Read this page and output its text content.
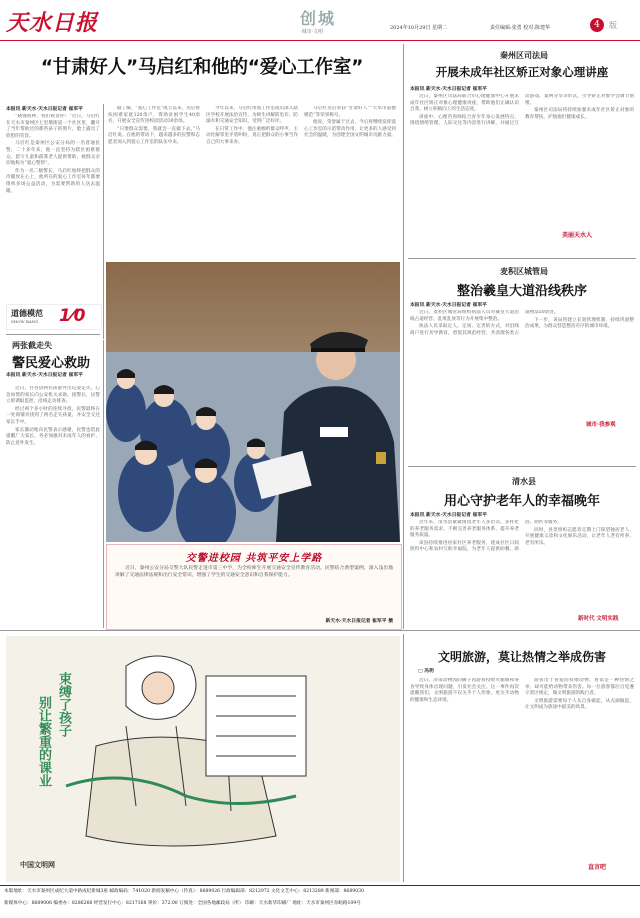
天水日报	2024年10月29日 星期二	责任编辑:张勇 校对:陈建华
创城
·城市·文明
4	版
“甘肃好人”马启红和他的“爱心工作室”
本报讯 新天水·天水日报记者 崔军平

“晓强很棒，我们祝贺你！”近日，马启红在天水市秦州区七里墩街道一个社区里，翻开了当年帮助过的那些孩子的照片，脸上露出了欣慰的笑容。

马启红是秦州区公安分局的一名普通民警，二十多年来，他一直坚持为辖区困难群众、留守儿童和孤寡老人提供帮助，被群众亲切地称为“爱心警察”。

作为一名二级警长，马启红始终把群众的冷暖放在心上，他所在的爱心工作室每年都要组织多场公益活动，为需要帮助的人送去温暖。

据了解，“爱心工作室”成立以来，先后帮扶困难家庭120余户，资助贫困学生40余名，开展安全宣传进校园活动30余场。

“只要群众需要，我就会一直做下去。”马启红说。在他的带动下，越来越多的民警和志愿者加入到爱心工作室的队伍中来。

今年以来，马启红带领工作室成员深入辖区学校开展法治宣传，为师生讲解防电诈、防溺水和交通安全知识，受到广泛好评。

在日常工作中，他注重倾听群众呼声，主动化解邻里矛盾纠纷，真正把群众的小事当作自己的大事来办。

马启红先后荣获“甘肃好人”“天水市道德模范”等荣誉称号。

他说，荣誉属于过去，今后将继续发挥爱心工作室的示范带动作用，让更多的人感受到社会的温暖，为创建全国文明城市贡献力量。

道德模范
SHOW BANG 1⁄0
两张截走失
警民爱心救助
本报讯 新天水·天水日报记者 崔军平

近日，甘谷县两名孩童外出玩耍走失，心急如焚的家长向公安机关求助。接警后，民警立即调取监控，沿线走访排查。

经过两个多小时的连续寻找，民警最终在一处商铺旁找到了两名走失孩童，并安全交还家长手中。

家长激动地向民警表示感谢，民警也借此提醒广大家长，务必加强对未成年人的看护，防止意外发生。

交警进校园 共筑平安上学路
近日，秦州公安分局交警大队民警走进市第三中学，为全校师生开展交通安全宣传教育活动。民警结合典型案例，深入浅出地讲解了交通法律法规和出行安全常识，增强了学生的交通安全意识和自我保护能力。
新天水·天水日报记者 崔军平 摄
秦州区司法局
开展未成年社区矫正对象心理讲座
本报讯 新天水·天水日报记者 崔军平

近日，秦州区司法局联合市心理健康中心开展未成年社区矫正对象心理健康讲座，帮助他们正确认识自我，树立积极向上的生活态度。

讲座中，心理咨询师结合青少年身心发展特点，围绕情绪管理、人际交往等内容进行讲解，并通过互动游戏、案例分享等形式，引导矫正对象学会调节情绪。

秦州区司法局将持续加强未成年社区矫正对象的教育帮扶，护航他们健康成长。

美丽天水人
麦积区城管局
整治羲皇大道沿线秩序
本报讯 新天水·天水日报记者 崔军平

近日，麦积区城管局组织执法人员对羲皇大道沿线占道经营、乱堆乱放等行为开展集中整治。

执法人员采取定人、定岗、定责的方式，对沿线商户进行劝导教育，督促其规范经营，共清理各类占道物品50余处。

下一步，该局将建立长效管理机制，持续巩固整治成果，为群众营造整洁有序的城市环境。

城市·我参观
清水县
用心守护老年人的幸福晚年
本报讯 新天水·天水日报记者 崔军平

近年来，清水县紧紧围绕老年人多层次、多样化的养老服务需求，不断完善养老服务体系，提升养老服务质量。

该县持续推进居家社区养老服务，建成社区日间照料中心和农村互助幸福院，为老年人提供助餐、助浴、助医等服务。

同时，县里组织志愿者定期上门探望独居老人，开展健康义诊和文化娱乐活动，让老年人老有所养、老有所乐。

新时代 文明实践
束缚了孩子
别让繁重的课业
中国文明网
文明旅游，莫让热情之举成伤害
□ 冯玥

近日，济南动物园的狮子因游客投喂火腿肠和零食导致身体出现问题，引发社会关注。这一事件再次提醒我们，文明旅游不仅关乎个人形象，更关乎动物的健康和生态环境。

游客出于喜爱而投喂动物，看似是一种热情之举，却可能给动物带来伤害。每一位游客都应自觉遵守景区规定，做文明旅游的践行者。

文明旅游需要每个人从自身做起，从点滴做起，让文明成为旅途中最美的风景。

直言吧
本版地址：天水市秦州区成纪大道中路成纪新城3座 邮政编码：741020 新闻发稿中心（传真）：8689026 行政编辑部：8212972 文化文艺中心：8213289 新闻部：8689030
新媒体中心：8689006 编委办：8286268 经营发行中心：8217168 零价：372.00 订阅处：全国各地邮政局（所） 印刷：天水新华印刷厂 地址：天水市秦州区赤峪路109号
